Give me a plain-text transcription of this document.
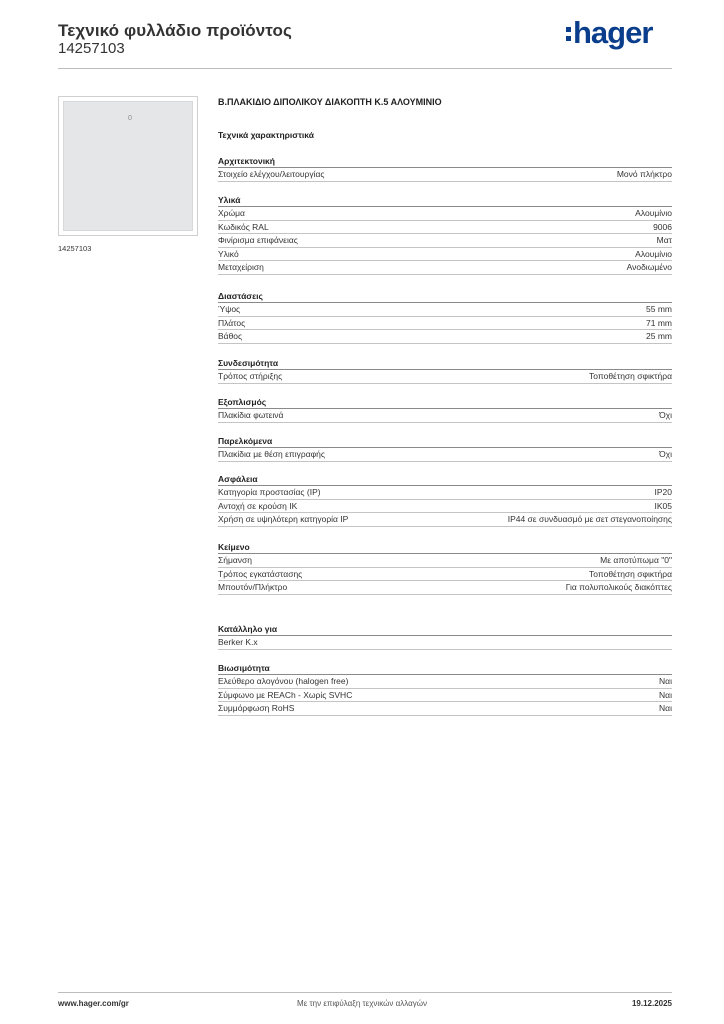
Τεχνικό φυλλάδιο προϊόντος
14257103	hager
0
14257103
Β.ΠΛΑΚΙΔΙΟ ΔΙΠΟΛΙΚΟΥ ΔΙΑΚΟΠΤΗ Κ.5 ΑΛΟΥΜΙΝΙΟ
Τεχνικά χαρακτηριστικά
Αρχιτεκτονική
Στοιχείο ελέγχου/λειτουργίας	Μονό πλήκτρο
Υλικά
Χρώμα	Αλουμίνιο
Κωδικός RAL	9006
Φινίρισμα επιφάνειας	Ματ
Υλικό	Αλουμίνιο
Μεταχείριση	Ανοδιωμένο
Διαστάσεις
Ύψος	55 mm
Πλάτος	71 mm
Βάθος	25 mm
Συνδεσιμότητα
Τρόπος στήριξης	Τοποθέτηση σφικτήρα
Εξοπλισμός
Πλακίδια φωτεινά	Όχι
Παρελκόμενα
Πλακίδια με θέση επιγραφής	Όχι
Ασφάλεια
Κατηγορία προστασίας (IP)	IP20
Αντοχή σε κρούση IK	IK05
Χρήση σε υψηλότερη κατηγορία IP	IP44 σε συνδυασμό με σετ στεγανοποίησης
Κείμενο
Σήμανση	Με αποτύπωμα "0"
Τρόπος εγκατάστασης	Τοποθέτηση σφικτήρα
Μπουτόν/Πλήκτρο	Για πολυπολικούς διακόπτες
Κατάλληλο για
Berker K.x
Βιωσιμότητα
Ελεύθερο αλογόνου (halogen free)	Ναι
Σύμφωνο με REACh - Χωρίς SVHC	Ναι
Συμμόρφωση RoHS	Ναι
www.hager.com/gr	Με την επιφύλαξη τεχνικών αλλαγών	19.12.2025
